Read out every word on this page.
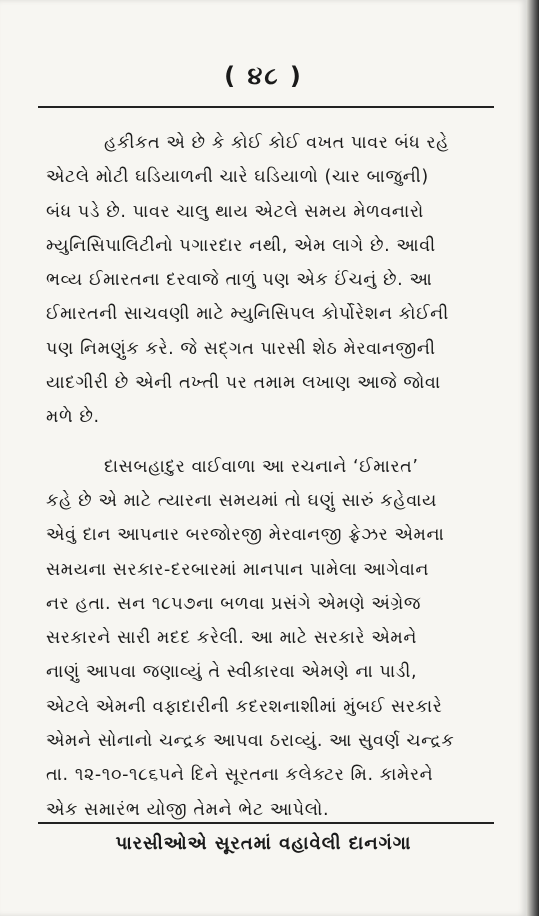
( ૪૮ )

હકીકત એ છે કે કોઈ કોઈ વખત પાવર બંધ રહે
એટલે મોટી ઘડિયાળની ચારે ઘડિયાળો (ચાર બાજુની)
બંધ પડે છે. પાવર ચાલુ થાય એટલે સમય મેળવનારો
મ્યુનિસિપાલિટીનો પગારદાર નથી, એમ લાગે છે. આવી
ભવ્ય ઈમારતના દરવાજે તાળું પણ એક ઈંચનું છે. આ
ઈમારતની સાચવણી માટે મ્યુનિસિપલ કોર્પોરેશન કોઈની
પણ નિમણુંક કરે. જે સદ્ગત પારસી શેઠ મેરવાનજીની
યાદગીરી છે એની તખ્તી પર તમામ લખાણ આજે જોવા
મળે છે.

દાસબહાદુર વાઈવાળા આ રચનાને ‘ઈમારત’
કહે છે એ માટે ત્યારના સમયમાં તો ઘણું સારું કહેવાય
એવું દાન આપનાર બરજોરજી મેરવાનજી ફ્રેઝર એમના
સમયના સરકાર-દરબારમાં માનપાન પામેલા આગેવાન
નર હતા. સન ૧૮૫૭ના બળવા પ્રસંગે એમણે અંગ્રેજ
સરકારને સારી મદદ કરેલી. આ માટે સરકારે એમને
નાણું આપવા જણાવ્યું તે સ્વીકારવા એમણે ના પાડી,
એટલે એમની વફાદારીની કદરશનાશીમાં મુંબઈ સરકારે
એમને સોનાનો ચન્દ્રક આપવા ઠરાવ્યું. આ સુવર્ણ ચન્દ્રક
તા. ૧૨-૧૦-૧૮૬૫ને દિને સૂરતના કલેક્ટર મિ. કામેરને
એક સમારંભ યોજી તેમને ભેટ આપેલો.

પારસીઓએ સૂરતમાં વહાવેલી દાનગંગા
